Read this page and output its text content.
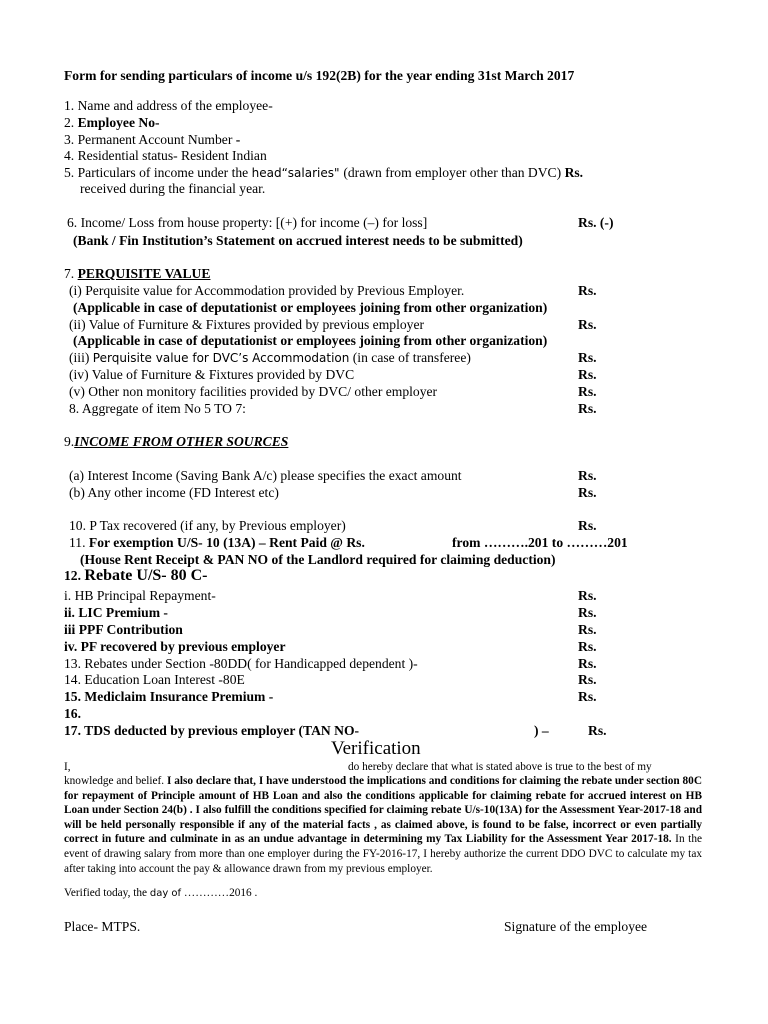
Form for sending particulars of income u/s 192(2B) for the year ending 31st March 2017
1. Name and address of the employee-
2. Employee No-
3. Permanent Account Number -
4. Residential status- Resident Indian
5. Particulars of income under the head“salaries" (drawn from employer other than DVC) Rs.
received during the financial year.
6. Income/ Loss from house property: [(+) for income (–) for loss]	Rs. (-)
(Bank / Fin Institution’s Statement on accrued interest needs to be submitted)
7. PERQUISITE VALUE
(i) Perquisite value for Accommodation provided by Previous Employer.	Rs.
(Applicable in case of deputationist or employees joining from other organization)
(ii) Value of Furniture & Fixtures provided by previous employer	Rs.
(Applicable in case of deputationist or employees joining from other organization)
(iii) Perquisite value for DVC’s Accommodation (in case of transferee)	Rs.
(iv) Value of Furniture & Fixtures provided by DVC	Rs.
(v) Other non monitory facilities provided by DVC/ other employer	Rs.
8. Aggregate of item No 5 TO 7:	Rs.
9.INCOME FROM OTHER SOURCES
(a) Interest Income (Saving Bank A/c) please specifies the exact amount	Rs.
(b) Any other income (FD Interest etc)	Rs.
10. P Tax recovered (if any, by Previous employer)	Rs.
11. For exemption U/S- 10 (13A) – Rent Paid @ Rs.	from ……….201 to ………201
(House Rent Receipt & PAN NO of the Landlord required for claiming deduction)
12. Rebate U/S- 80 C-
i. HB Principal Repayment-	Rs.
ii. LIC Premium -	Rs.
iii PPF Contribution	Rs.
iv. PF recovered by previous employer	Rs.
13. Rebates under Section -80DD( for Handicapped dependent )-	Rs.
14. Education Loan Interest -80E	Rs.
15. Mediclaim Insurance Premium -	Rs.
16.
17. TDS deducted by previous employer (TAN NO-	) –	Rs.
Verification
I,	do hereby declare that what is stated above is true to the best of my
knowledge and belief. I also declare that, I have understood the implications and conditions for claiming the rebate under section 80C for repayment of Principle amount of HB Loan and also the conditions applicable for claiming rebate for accrued interest on HB Loan under Section 24(b) . I also fulfill the conditions specified for claiming rebate U/s-10(13A) for the Assessment Year-2017-18 and will be held personally responsible if any of the material facts , as claimed above, is found to be false, incorrect or even partially correct in future and culminate in as an undue advantage in determining my Tax Liability for the Assessment Year 2017-18. In the event of drawing salary from more than one employer during the FY-2016-17, I hereby authorize the current DDO DVC to calculate my tax after taking into account the pay & allowance drawn from my previous employer.
Verified today, the day of …………2016 .
Place- MTPS.	Signature of the employee
